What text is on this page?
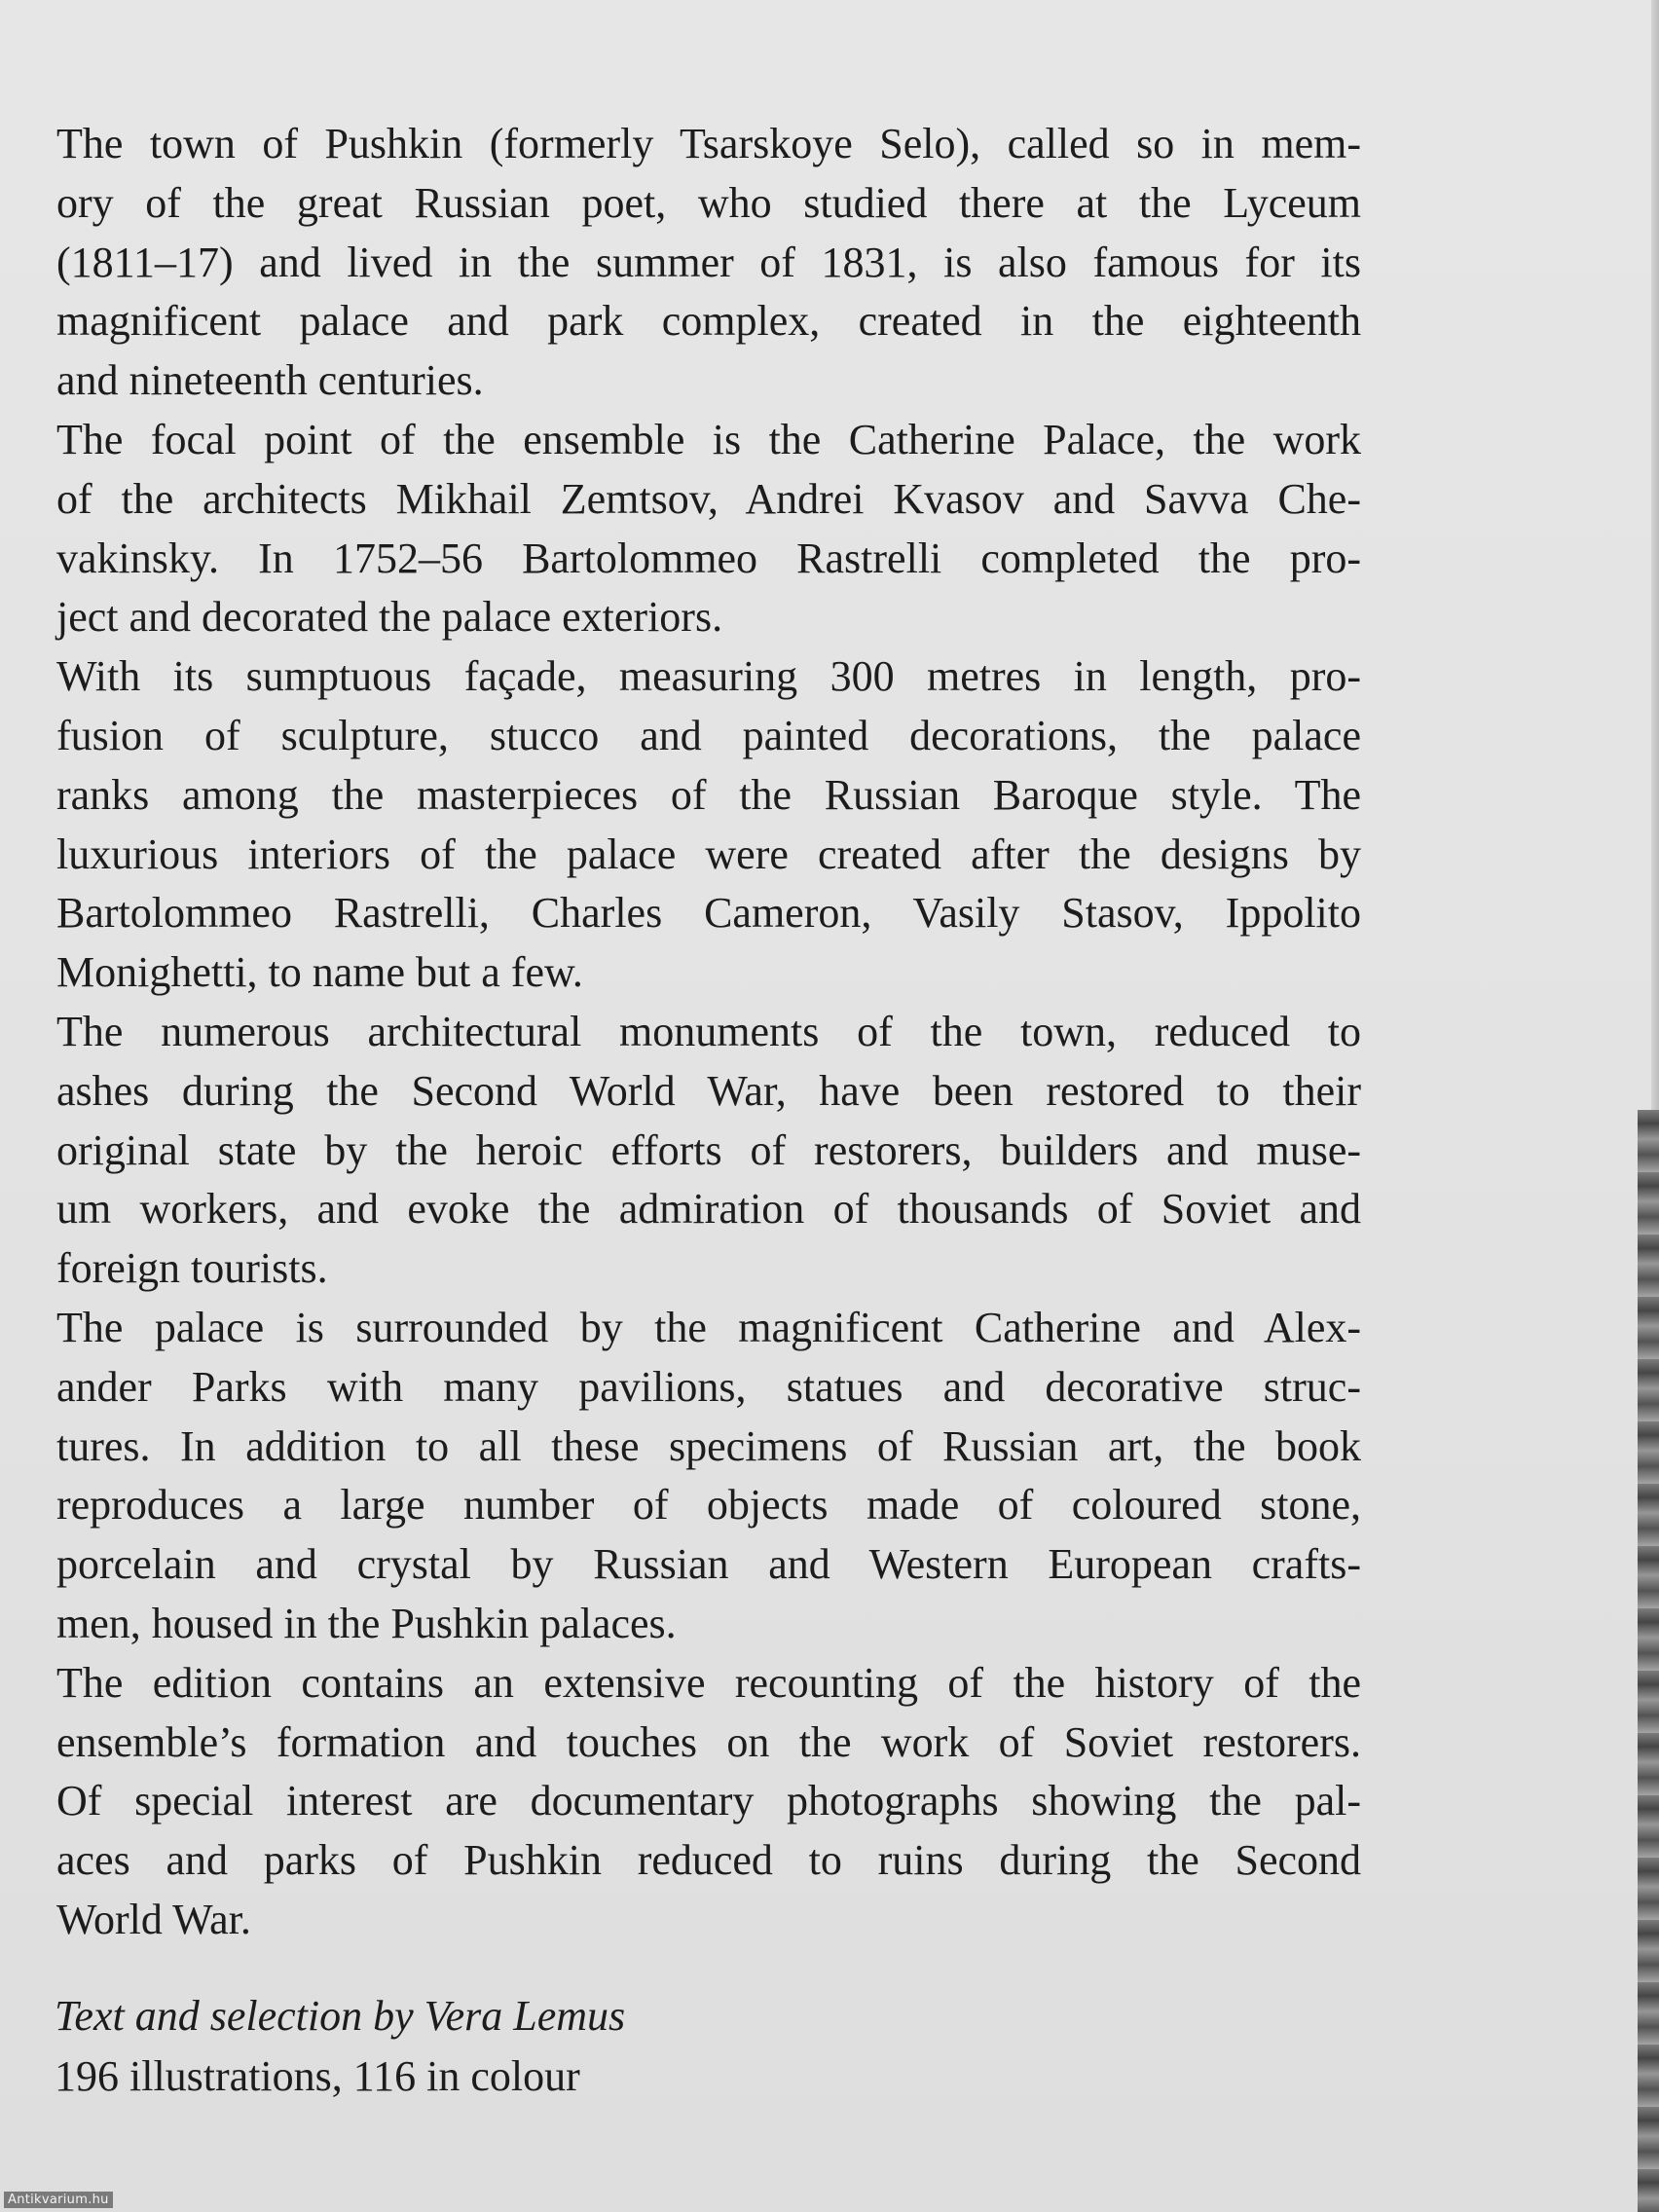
The town of Pushkin (formerly Tsarskoye Selo), called so in mem-
ory of the great Russian poet, who studied there at the Lyceum
(1811–17) and lived in the summer of 1831, is also famous for its
magnificent palace and park complex, created in the eighteenth
and nineteenth centuries.

The focal point of the ensemble is the Catherine Palace, the work
of the architects Mikhail Zemtsov, Andrei Kvasov and Savva Che-
vakinsky. In 1752–56 Bartolommeo Rastrelli completed the pro-
ject and decorated the palace exteriors.

With its sumptuous façade, measuring 300 metres in length, pro-
fusion of sculpture, stucco and painted decorations, the palace
ranks among the masterpieces of the Russian Baroque style. The
luxurious interiors of the palace were created after the designs by
Bartolommeo Rastrelli, Charles Cameron, Vasily Stasov, Ippolito
Monighetti, to name but a few.

The numerous architectural monuments of the town, reduced to
ashes during the Second World War, have been restored to their
original state by the heroic efforts of restorers, builders and muse-
um workers, and evoke the admiration of thousands of Soviet and
foreign tourists.

The palace is surrounded by the magnificent Catherine and Alex-
ander Parks with many pavilions, statues and decorative struc-
tures. In addition to all these specimens of Russian art, the book
reproduces a large number of objects made of coloured stone,
porcelain and crystal by Russian and Western European crafts-
men, housed in the Pushkin palaces.

The edition contains an extensive recounting of the history of the
ensemble’s formation and touches on the work of Soviet restorers.
Of special interest are documentary photographs showing the pal-
aces and parks of Pushkin reduced to ruins during the Second
World War.

Text and selection by Vera Lemus
196 illustrations, 116 in colour
Antikvarium.hu
